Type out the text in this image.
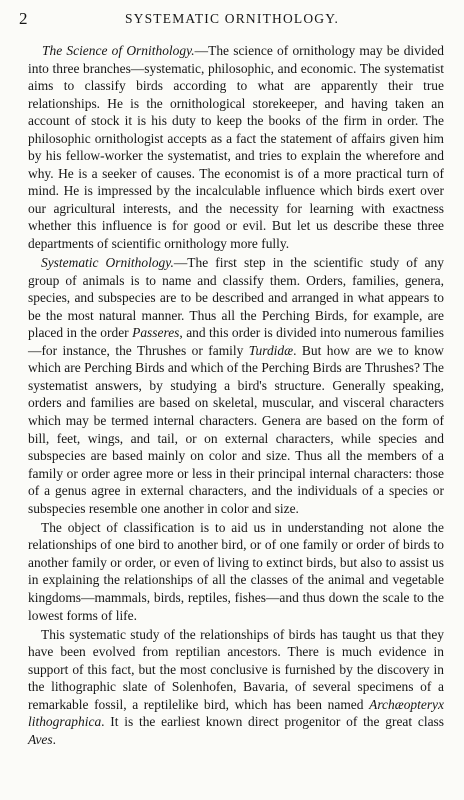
2	SYSTEMATIC ORNITHOLOGY.

The Science of Ornithology.—The science of ornithology may be divided into three branches—systematic, philosophic, and economic. The systematist aims to classify birds according to what are apparently their true relationships. He is the ornithological storekeeper, and having taken an account of stock it is his duty to keep the books of the firm in order. The philosophic ornithologist accepts as a fact the statement of affairs given him by his fellow-worker the systematist, and tries to explain the wherefore and why. He is a seeker of causes. The economist is of a more practical turn of mind. He is impressed by the incalculable influence which birds exert over our agricultural interests, and the necessity for learning with exactness whether this influence is for good or evil. But let us describe these three departments of scientific ornithology more fully.

Systematic Ornithology.—The first step in the scientific study of any group of animals is to name and classify them. Orders, families, genera, species, and subspecies are to be described and arranged in what appears to be the most natural manner. Thus all the Perching Birds, for example, are placed in the order Passeres, and this order is divided into numerous families—for instance, the Thrushes or family Turdidæ. But how are we to know which are Perching Birds and which of the Perching Birds are Thrushes? The systematist answers, by studying a bird's structure. Generally speaking, orders and families are based on skeletal, muscular, and visceral characters which may be termed internal characters. Genera are based on the form of bill, feet, wings, and tail, or on external characters, while species and subspecies are based mainly on color and size. Thus all the members of a family or order agree more or less in their principal internal characters: those of a genus agree in external characters, and the individuals of a species or subspecies resemble one another in color and size.

The object of classification is to aid us in understanding not alone the relationships of one bird to another bird, or of one family or order of birds to another family or order, or even of living to extinct birds, but also to assist us in explaining the relationships of all the classes of the animal and vegetable kingdoms—mammals, birds, reptiles, fishes—and thus down the scale to the lowest forms of life.

This systematic study of the relationships of birds has taught us that they have been evolved from reptilian ancestors. There is much evidence in support of this fact, but the most conclusive is furnished by the discovery in the lithographic slate of Solenhofen, Bavaria, of several specimens of a remarkable fossil, a reptilelike bird, which has been named Archæopteryx lithographica. It is the earliest known direct progenitor of the great class Aves.
